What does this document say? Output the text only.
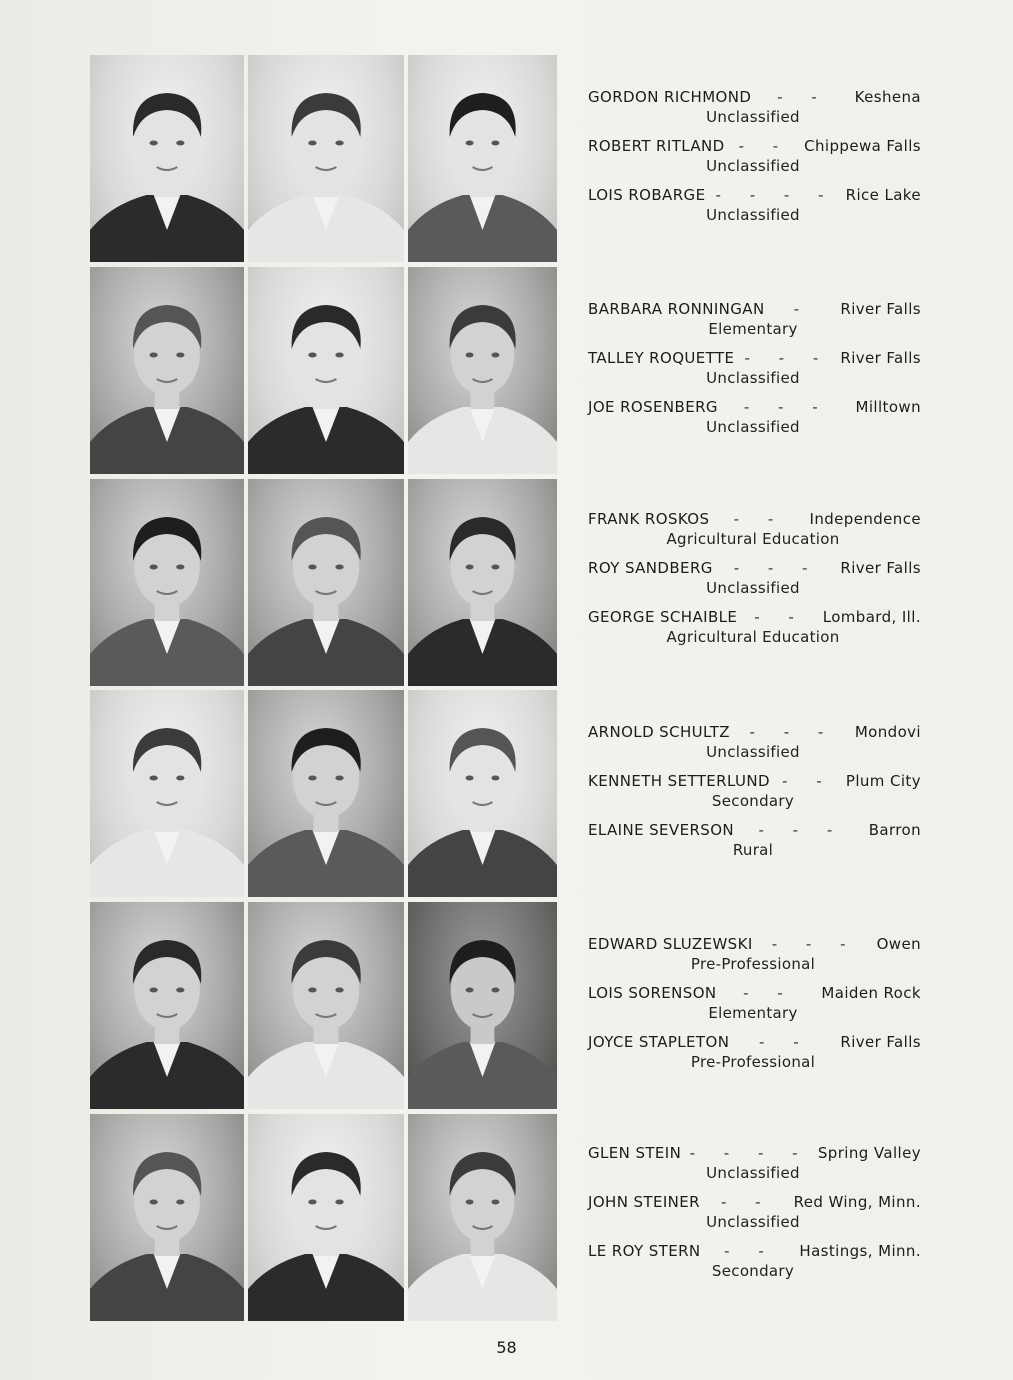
GORDON RICHMOND	- -	Keshena
Unclassified
ROBERT RITLAND - - Chippewa Falls
Unclassified
LOIS ROBARGE - - - - Rice Lake
Unclassified
BARBARA RONNINGAN	-	River Falls
Elementary
TALLEY ROQUETTE - - - River Falls
Unclassified
JOE ROSENBERG	- - -	Milltown
Unclassified
FRANK ROSKOS	- -	Independence
Agricultural Education
ROY SANDBERG	- - -	River Falls
Unclassified
GEORGE SCHAIBLE	- -	Lombard, Ill.
Agricultural Education
ARNOLD SCHULTZ	- - -	Mondovi
Unclassified
KENNETH SETTERLUND - - Plum City
Secondary
ELAINE SEVERSON	- - -	Barron
Rural
EDWARD SLUZEWSKI	- - -	Owen
Pre-Professional
LOIS SORENSON	- -	Maiden Rock
Elementary
JOYCE STAPLETON	- -	River Falls
Pre-Professional
GLEN STEIN - - - - Spring Valley
Unclassified
JOHN STEINER	- -	Red Wing, Minn.
Unclassified
LE ROY STERN	- -	Hastings, Minn.
Secondary
58
